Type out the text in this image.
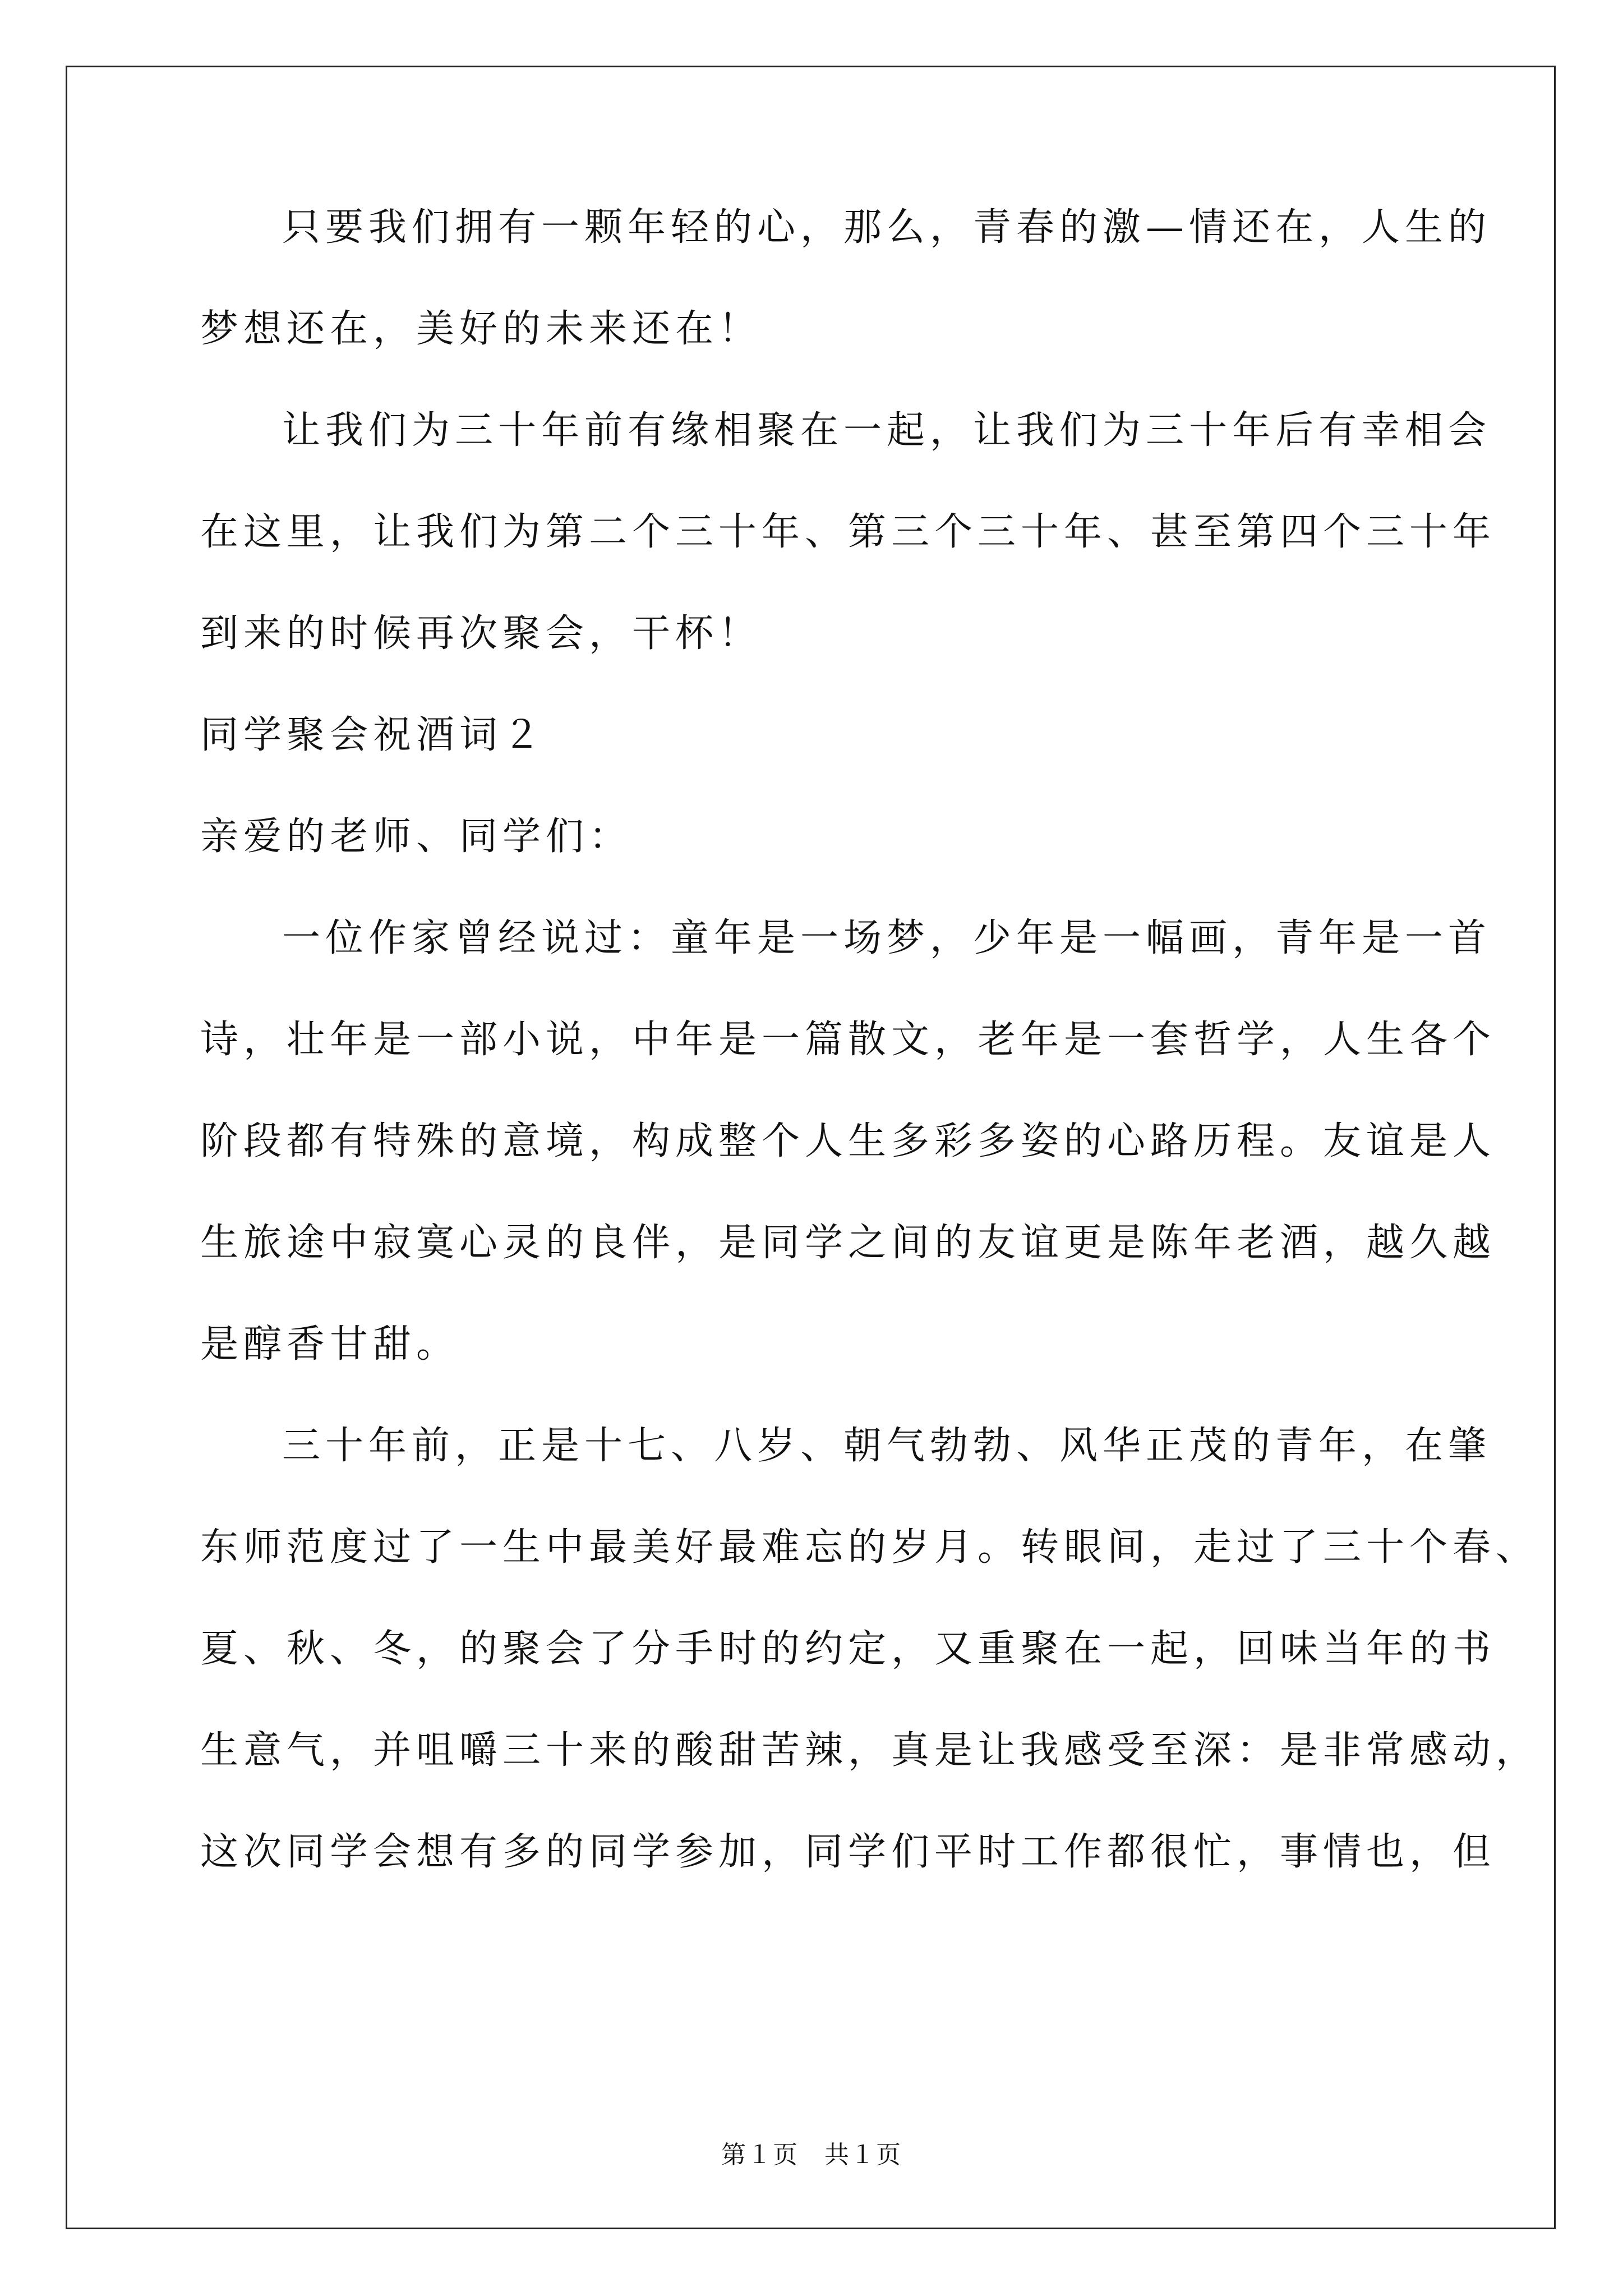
只要我们拥有一颗年轻的心，那么，青春的激—情还在，人生的
梦想还在，美好的未来还在！
让我们为三十年前有缘相聚在一起，让我们为三十年后有幸相会
在这里，让我们为第二个三十年、第三个三十年、甚至第四个三十年
到来的时候再次聚会，干杯！
同学聚会祝酒词２
亲爱的老师、同学们：
一位作家曾经说过：童年是一场梦，少年是一幅画，青年是一首
诗，壮年是一部小说，中年是一篇散文，老年是一套哲学，人生各个
阶段都有特殊的意境，构成整个人生多彩多姿的心路历程。友谊是人
生旅途中寂寞心灵的良伴，是同学之间的友谊更是陈年老酒，越久越
是醇香甘甜。
三十年前，正是十七、八岁、朝气勃勃、风华正茂的青年，在肇
东师范度过了一生中最美好最难忘的岁月。转眼间，走过了三十个春、
夏、秋、冬，的聚会了分手时的约定，又重聚在一起，回味当年的书
生意气，并咀嚼三十来的酸甜苦辣，真是让我感受至深：是非常感动，
这次同学会想有多的同学参加，同学们平时工作都很忙，事情也，但
第１页　共１页
